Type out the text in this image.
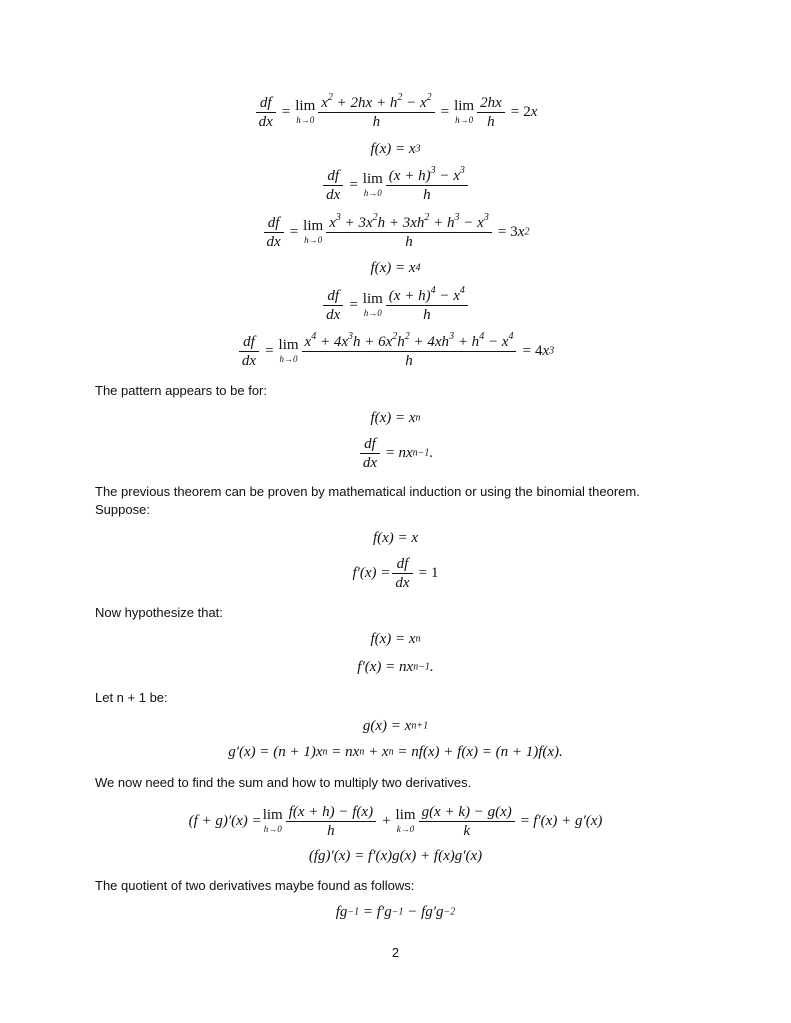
$\frac{df}{dx} = \lim$
$h\to 0 \frac{x^2 + 2hx + h^2 - x^2}{h} = \lim$
$h\to 0 \frac{2hx}{h} = 2x$
f(x) = x3
$\frac{df}{dx} = \lim$
$h\to 0 \frac{(x + h)^3 - x^3}{h}$
$\frac{df}{dx} = \lim$
$h\to 0 \frac{x^3 + 3x^2h + 3xh^2 + h^3 - x^3}{h} = 3x2$
f(x) = x4
$\frac{df}{dx} = \lim$
$h\to 0 \frac{(x + h)^4 - x^4}{h}$
$\frac{df}{dx} = \lim$
$h\to 0 \frac{x^4 + 4x^3h + 6x^2h^2 + 4xh^3 + h^4 - x^4}{h} = 4x3$
The pattern appears to be for:
f(x) = xn
$\frac{df}{dx} = nxn-1$.
The previous theorem can be proven by mathematical induction or using the binomial theorem.
Suppose:
f(x) = x
$f'(x) = \frac{df}{dx} = 1$
Now hypothesize that:
f(x) = xn
f′(x) = nxn−1.
Let n + 1 be:
g(x) = xn+1
g′(x) = (n + 1)xn = nxn + xn = nf(x) + f(x) = (n + 1)f(x).
We now need to find the sum and how to multiply two derivatives.
(f + g)′(x) = lim
$h\to 0 \frac{f(x + h) - f(x)}{h} + \lim$
$k\to 0 \frac{g(x + k) - g(x)}{k} = f'(x) + g'(x)$
(fg)′(x) = f′(x)g(x) + f(x)g′(x)
The quotient of two derivatives maybe found as follows:
fg−1 = f′g−1 − fg′g−2
2
